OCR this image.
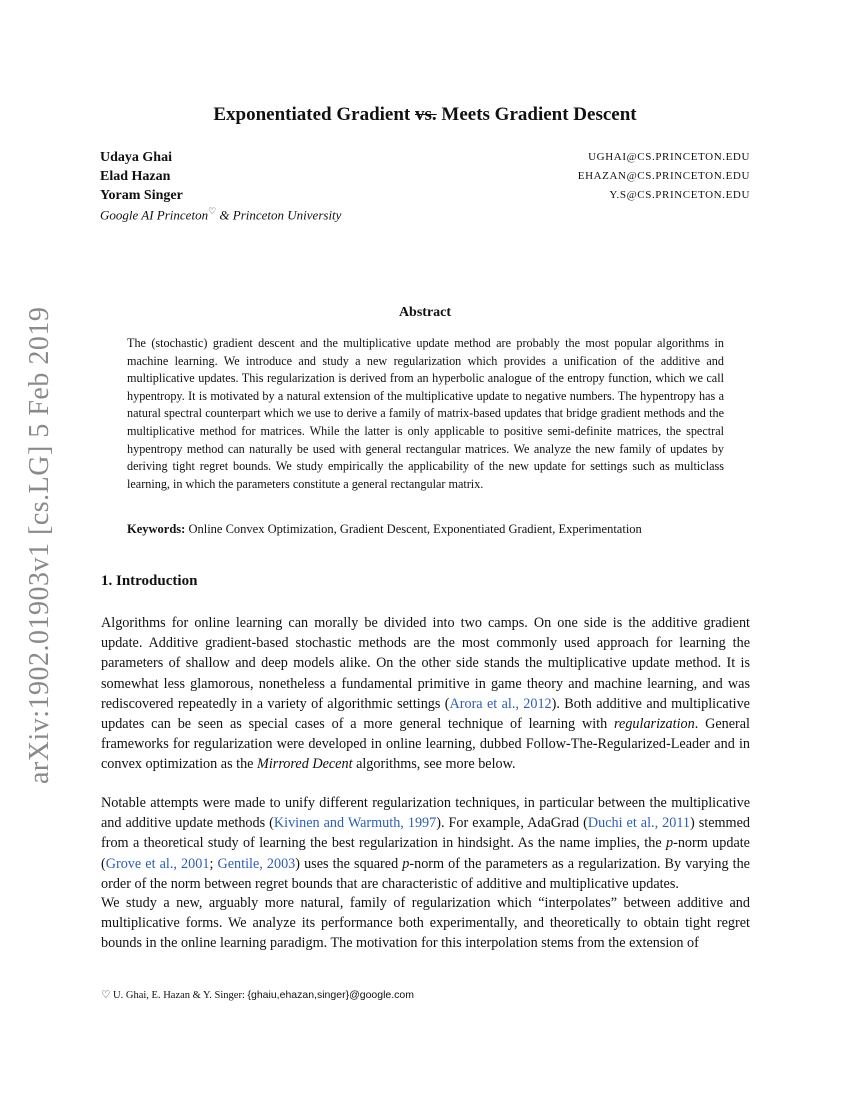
arXiv:1902.01903v1 [cs.LG] 5 Feb 2019
Exponentiated Gradient vs. Meets Gradient Descent
Udaya Ghai	UGHAI@CS.PRINCETON.EDU
Elad Hazan	EHAZAN@CS.PRINCETON.EDU
Yoram Singer	Y.S@CS.PRINCETON.EDU
Google AI Princeton♡ & Princeton University
Abstract
The (stochastic) gradient descent and the multiplicative update method are probably the most popular algorithms in machine learning. We introduce and study a new regularization which provides a unification of the additive and multiplicative updates. This regularization is derived from an hyperbolic analogue of the entropy function, which we call hypentropy. It is motivated by a natural extension of the multiplicative update to negative numbers. The hypentropy has a natural spectral counterpart which we use to derive a family of matrix-based updates that bridge gradient methods and the multiplicative method for matrices. While the latter is only applicable to positive semi-definite matrices, the spectral hypentropy method can naturally be used with general rectangular matrices. We analyze the new family of updates by deriving tight regret bounds. We study empirically the applicability of the new update for settings such as multiclass learning, in which the parameters constitute a general rectangular matrix.
Keywords: Online Convex Optimization, Gradient Descent, Exponentiated Gradient, Experimentation
1. Introduction
Algorithms for online learning can morally be divided into two camps. On one side is the additive gradient update. Additive gradient-based stochastic methods are the most commonly used approach for learning the parameters of shallow and deep models alike. On the other side stands the multiplicative update method. It is somewhat less glamorous, nonetheless a fundamental primitive in game theory and machine learning, and was rediscovered repeatedly in a variety of algorithmic settings (Arora et al., 2012). Both additive and multiplicative updates can be seen as special cases of a more general technique of learning with regularization. General frameworks for regularization were developed in online learning, dubbed Follow-The-Regularized-Leader and in convex optimization as the Mirrored Decent algorithms, see more below.
Notable attempts were made to unify different regularization techniques, in particular between the multiplicative and additive update methods (Kivinen and Warmuth, 1997). For example, AdaGrad (Duchi et al., 2011) stemmed from a theoretical study of learning the best regularization in hindsight. As the name implies, the p-norm update (Grove et al., 2001; Gentile, 2003) uses the squared p-norm of the parameters as a regularization. By varying the order of the norm between regret bounds that are characteristic of additive and multiplicative updates.
We study a new, arguably more natural, family of regularization which “interpolates” between additive and multiplicative forms. We analyze its performance both experimentally, and theoretically to obtain tight regret bounds in the online learning paradigm. The motivation for this interpolation stems from the extension of
♡ U. Ghai, E. Hazan & Y. Singer: {ghaiu,ehazan,singer}@google.com
